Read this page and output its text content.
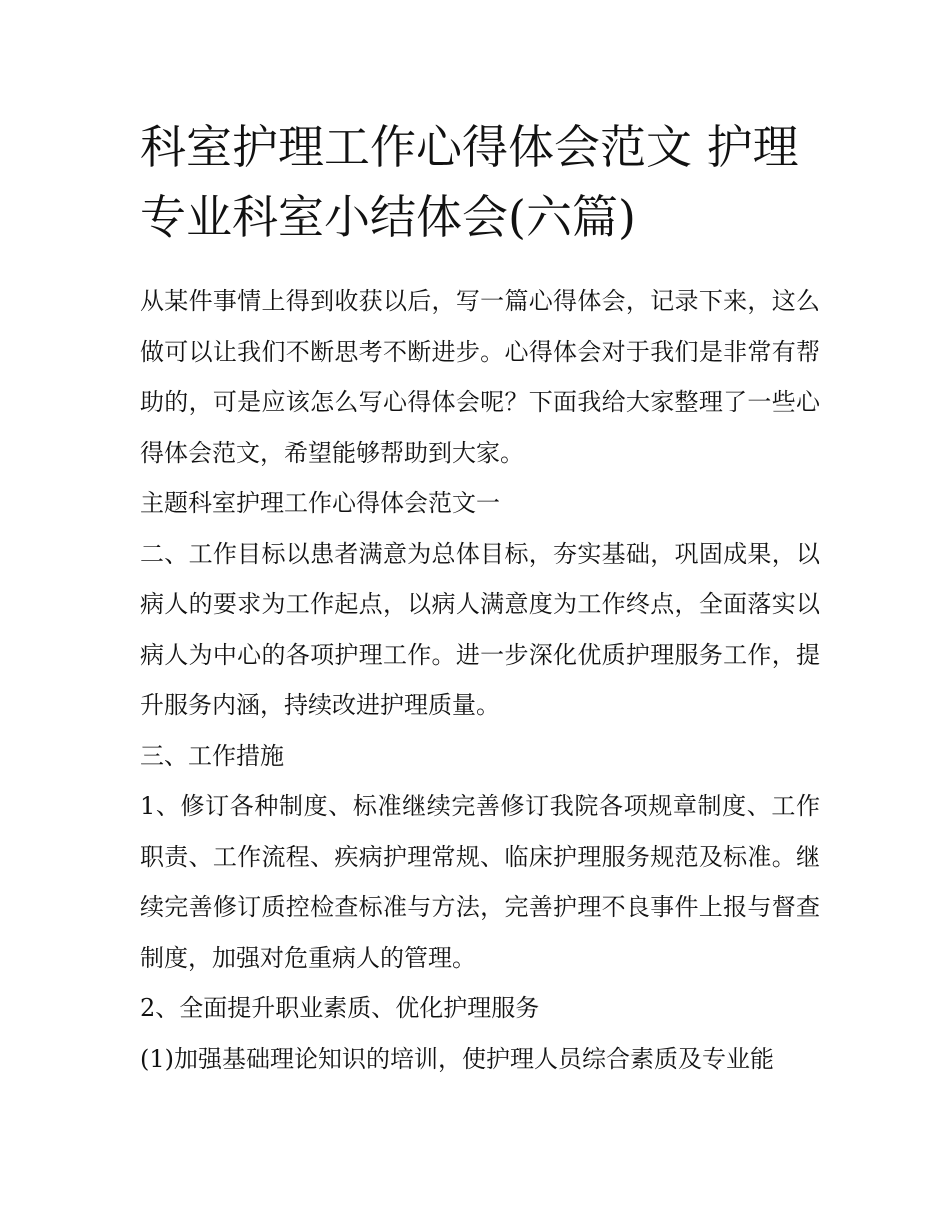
科室护理工作心得体会范文 护理专业科室小结体会(六篇)

从某件事情上得到收获以后，写一篇心得体会，记录下来，这么做可以让我们不断思考不断进步。心得体会对于我们是非常有帮助的，可是应该怎么写心得体会呢？下面我给大家整理了一些心得体会范文，希望能够帮助到大家。

主题科室护理工作心得体会范文一

二、工作目标以患者满意为总体目标，夯实基础，巩固成果，以病人的要求为工作起点，以病人满意度为工作终点，全面落实以病人为中心的各项护理工作。进一步深化优质护理服务工作，提升服务内涵，持续改进护理质量。

三、工作措施

1、修订各种制度、标准继续完善修订我院各项规章制度、工作职责、工作流程、疾病护理常规、临床护理服务规范及标准。继续完善修订质控检查标准与方法，完善护理不良事件上报与督查制度，加强对危重病人的管理。

2、全面提升职业素质、优化护理服务

(1)加强基础理论知识的培训，使护理人员综合素质及专业能
